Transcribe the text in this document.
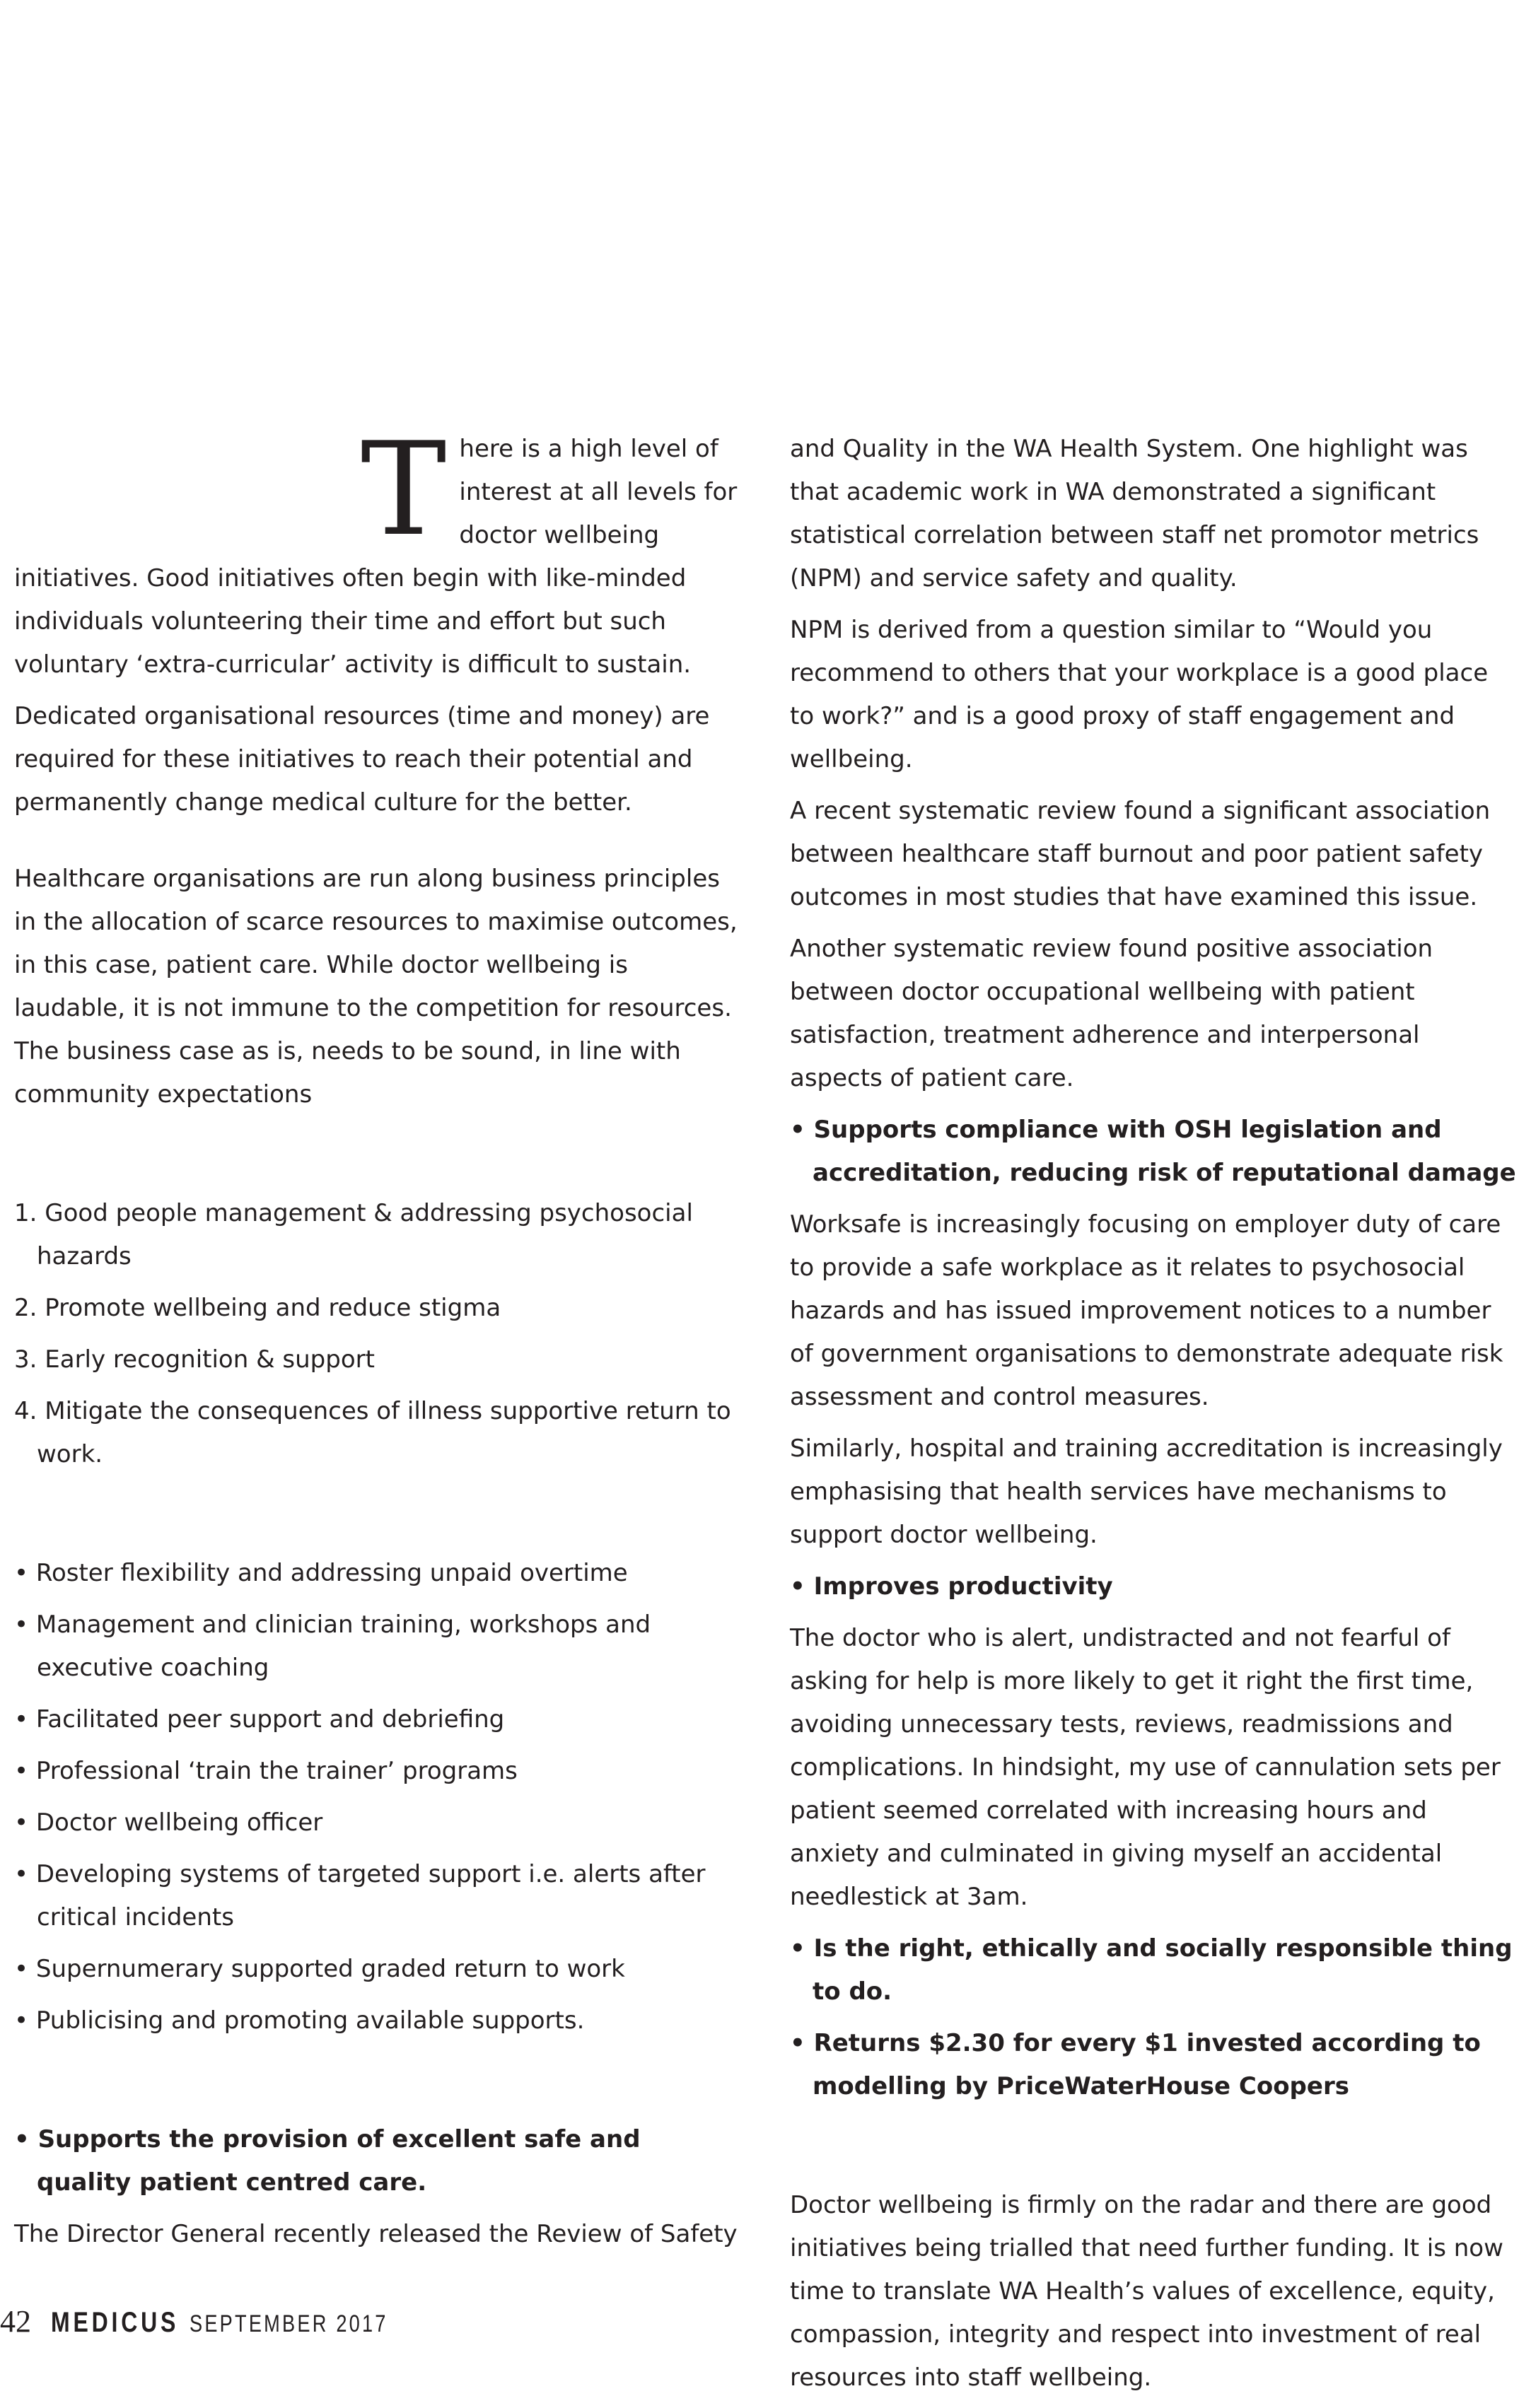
There is a high level of interest at all levels for doctor wellbeing initiatives. Good initiatives often begin with like-minded individuals volunteering their time and effort but such voluntary ‘extra-curricular’ activity is difficult to sustain.

Dedicated organisational resources (time and money) are required for these initiatives to reach their potential and permanently change medical culture for the better.

Healthcare organisations are run along business principles in the allocation of scarce resources to maximise outcomes, in this case, patient care. While doctor wellbeing is laudable, it is not immune to the competition for resources. The business case as is, needs to be sound, in line with community expectations

1. Good people management & addressing psychosocial hazards

2. Promote wellbeing and reduce stigma

3. Early recognition & support

4. Mitigate the consequences of illness supportive return to work.

• Roster flexibility and addressing unpaid overtime

• Management and clinician training, workshops and executive coaching

• Facilitated peer support and debriefing

• Professional ‘train the trainer’ programs

• Doctor wellbeing officer

• Developing systems of targeted support i.e. alerts after critical incidents

• Supernumerary supported graded return to work

• Publicising and promoting available supports.

• Supports the provision of excellent safe and quality patient centred care.

The Director General recently released the Review of Safety

and Quality in the WA Health System. One highlight was that academic work in WA demonstrated a significant statistical correlation between staff net promotor metrics (NPM) and service safety and quality.

NPM is derived from a question similar to “Would you recommend to others that your workplace is a good place to work?” and is a good proxy of staff engagement and wellbeing.

A recent systematic review found a significant association between healthcare staff burnout and poor patient safety outcomes in most studies that have examined this issue.

Another systematic review found positive association between doctor occupational wellbeing with patient satisfaction, treatment adherence and interpersonal aspects of patient care.

• Supports compliance with OSH legislation and accreditation, reducing risk of reputational damage

Worksafe is increasingly focusing on employer duty of care to provide a safe workplace as it relates to psychosocial hazards and has issued improvement notices to a number of government organisations to demonstrate adequate risk assessment and control measures.

Similarly, hospital and training accreditation is increasingly emphasising that health services have mechanisms to support doctor wellbeing.

• Improves productivity

The doctor who is alert, undistracted and not fearful of asking for help is more likely to get it right the first time, avoiding unnecessary tests, reviews, readmissions and complications. In hindsight, my use of cannulation sets per patient seemed correlated with increasing hours and anxiety and culminated in giving myself an accidental needlestick at 3am.

• Is the right, ethically and socially responsible thing to do.

• Returns $2.30 for every $1 invested according to modelling by PriceWaterHouse Coopers

Doctor wellbeing is firmly on the radar and there are good initiatives being trialled that need further funding. It is now time to translate WA Health’s values of excellence, equity, compassion, integrity and respect into investment of real resources into staff wellbeing.

42 MEDICUS SEPTEMBER 2017
